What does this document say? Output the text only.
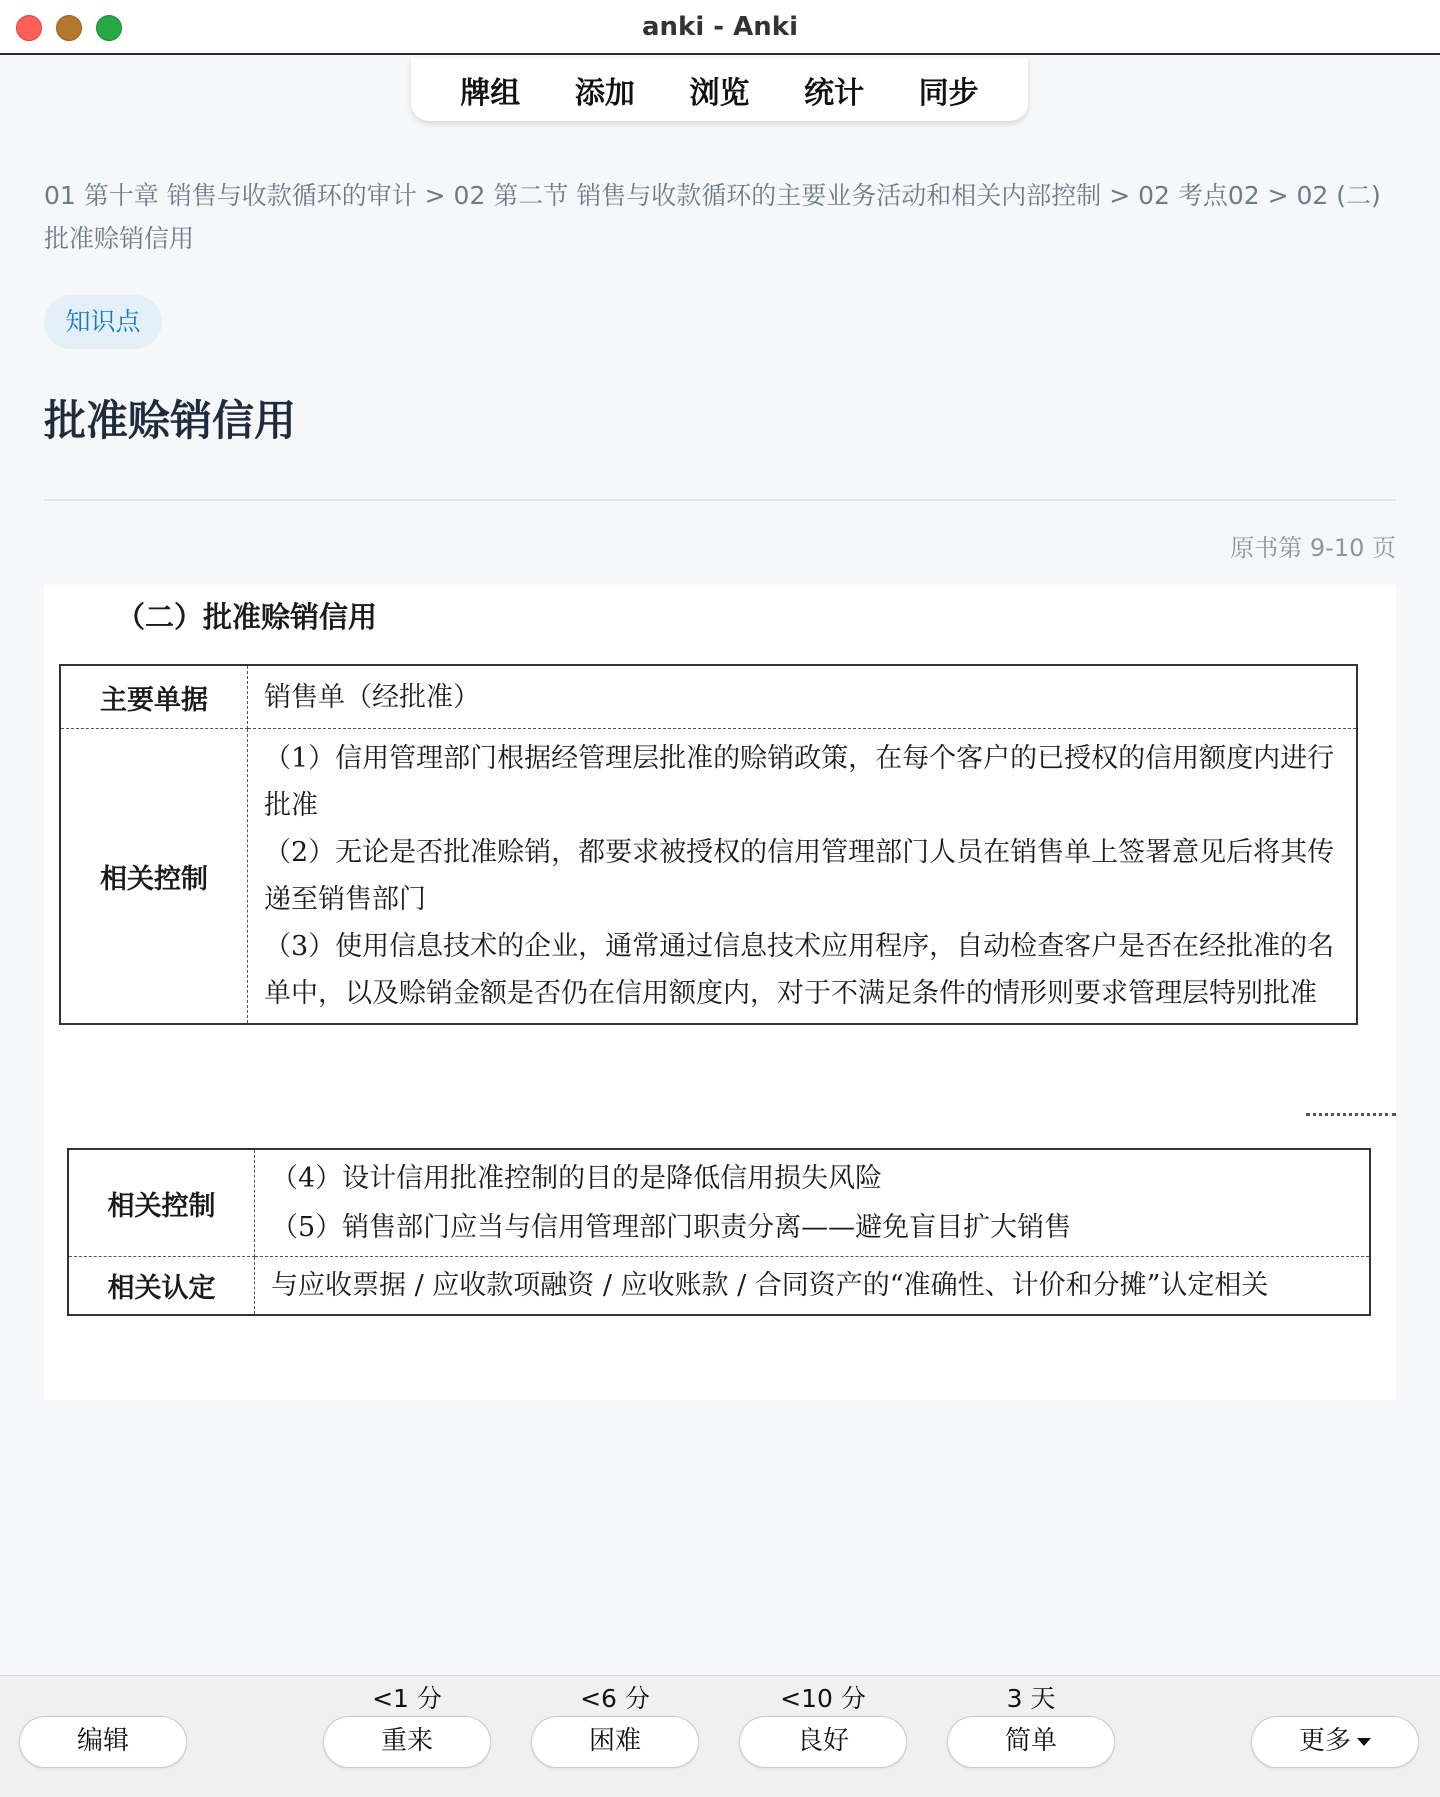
anki - Anki
牌组 添加 浏览 统计 同步
01 第十章 销售与收款循环的审计 > 02 第二节 销售与收款循环的主要业务活动和相关内部控制 > 02 考点02 > 02 (二) 批准赊销信用
知识点
批准赊销信用
原书第 9-10 页
（二）批准赊销信用
主要单据	销售单（经批准）
相关控制	（1）信用管理部门根据经管理层批准的赊销政策，在每个客户的已授权的信用额度内进行批准
（2）无论是否批准赊销，都要求被授权的信用管理部门人员在销售单上签署意见后将其传递至销售部门
（3）使用信息技术的企业，通常通过信息技术应用程序，自动检查客户是否在经批准的名单中，以及赊销金额是否仍在信用额度内，对于不满足条件的情形则要求管理层特别批准
相关控制	（4）设计信用批准控制的目的是降低信用损失风险
（5）销售部门应当与信用管理部门职责分离——避免盲目扩大销售

相关认定	与应收票据 / 应收款项融资 / 应收账款 / 合同资产的“准确性、计价和分摊”认定相关
编辑
<1 分
重来
<6 分
困难
<10 分
良好
3 天
简单	更多
